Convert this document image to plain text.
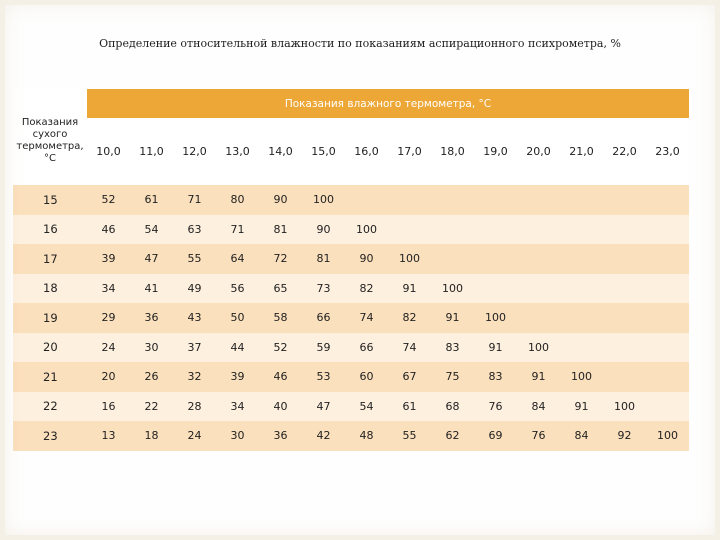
Определение относительной влажности по показаниям аспирационного психрометра, %
Показания
сухого
термометра,
°С
Показания влажного термометра, °С
10,0	11,0	12,0	13,0	14,0	15,0	16,0	17,0	18,0	19,0	20,0	21,0	22,0	23,0
15	52	61	71	80	90	100
16	46	54	63	71	81	90	100
17	39	47	55	64	72	81	90	100
18	34	41	49	56	65	73	82	91	100
19	29	36	43	50	58	66	74	82	91	100
20	24	30	37	44	52	59	66	74	83	91	100
21	20	26	32	39	46	53	60	67	75	83	91	100
22	16	22	28	34	40	47	54	61	68	76	84	91	100
23	13	18	24	30	36	42	48	55	62	69	76	84	92	100
